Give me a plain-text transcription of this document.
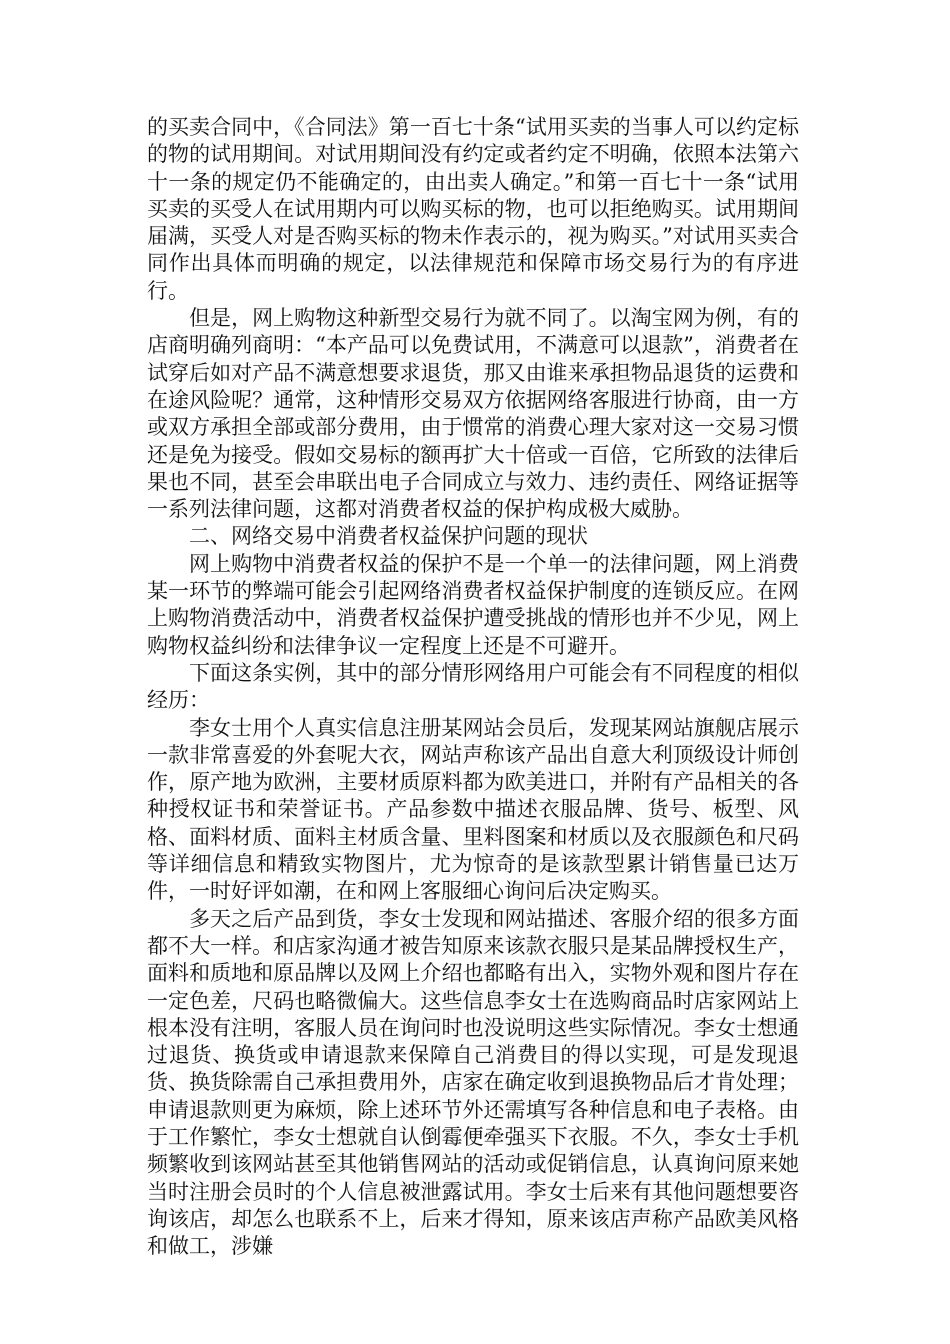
的买卖合同中，《合同法》第一百七十条“试用买卖的当事人可以约定标的物的试用期间。对试用期间没有约定或者约定不明确，依照本法第六十一条的规定仍不能确定的，由出卖人确定。”和第一百七十一条“试用买卖的买受人在试用期内可以购买标的物，也可以拒绝购买。试用期间届满，买受人对是否购买标的物未作表示的，视为购买。”对试用买卖合同作出具体而明确的规定，以法律规范和保障市场交易行为的有序进行。

但是，网上购物这种新型交易行为就不同了。以淘宝网为例，有的店商明确列商明：“本产品可以免费试用，不满意可以退款”，消费者在试穿后如对产品不满意想要求退货，那又由谁来承担物品退货的运费和在途风险呢？通常，这种情形交易双方依据网络客服进行协商，由一方或双方承担全部或部分费用，由于惯常的消费心理大家对这一交易习惯还是免为接受。假如交易标的额再扩大十倍或一百倍，它所致的法律后果也不同，甚至会串联出电子合同成立与效力、违约责任、网络证据等一系列法律问题，这都对消费者权益的保护构成极大威胁。

二、网络交易中消费者权益保护问题的现状

网上购物中消费者权益的保护不是一个单一的法律问题，网上消费某一环节的弊端可能会引起网络消费者权益保护制度的连锁反应。在网上购物消费活动中，消费者权益保护遭受挑战的情形也并不少见，网上购物权益纠纷和法律争议一定程度上还是不可避开。

下面这条实例，其中的部分情形网络用户可能会有不同程度的相似经历：

李女士用个人真实信息注册某网站会员后，发现某网站旗舰店展示一款非常喜爱的外套呢大衣，网站声称该产品出自意大利顶级设计师创作，原产地为欧洲，主要材质原料都为欧美进口，并附有产品相关的各种授权证书和荣誉证书。产品参数中描述衣服品牌、货号、板型、风格、面料材质、面料主材质含量、里料图案和材质以及衣服颜色和尺码等详细信息和精致实物图片，尤为惊奇的是该款型累计销售量已达万件，一时好评如潮，在和网上客服细心询问后决定购买。

多天之后产品到货，李女士发现和网站描述、客服介绍的很多方面都不大一样。和店家沟通才被告知原来该款衣服只是某品牌授权生产，面料和质地和原品牌以及网上介绍也都略有出入，实物外观和图片存在一定色差，尺码也略微偏大。这些信息李女士在选购商品时店家网站上根本没有注明，客服人员在询问时也没说明这些实际情况。李女士想通过退货、换货或申请退款来保障自己消费目的得以实现，可是发现退货、换货除需自己承担费用外，店家在确定收到退换物品后才肯处理；申请退款则更为麻烦，除上述环节外还需填写各种信息和电子表格。由于工作繁忙，李女士想就自认倒霉便牵强买下衣服。不久，李女士手机频繁收到该网站甚至其他销售网站的活动或促销信息，认真询问原来她当时注册会员时的个人信息被泄露试用。李女士后来有其他问题想要咨询该店，却怎么也联系不上，后来才得知，原来该店声称产品欧美风格和做工，涉嫌
